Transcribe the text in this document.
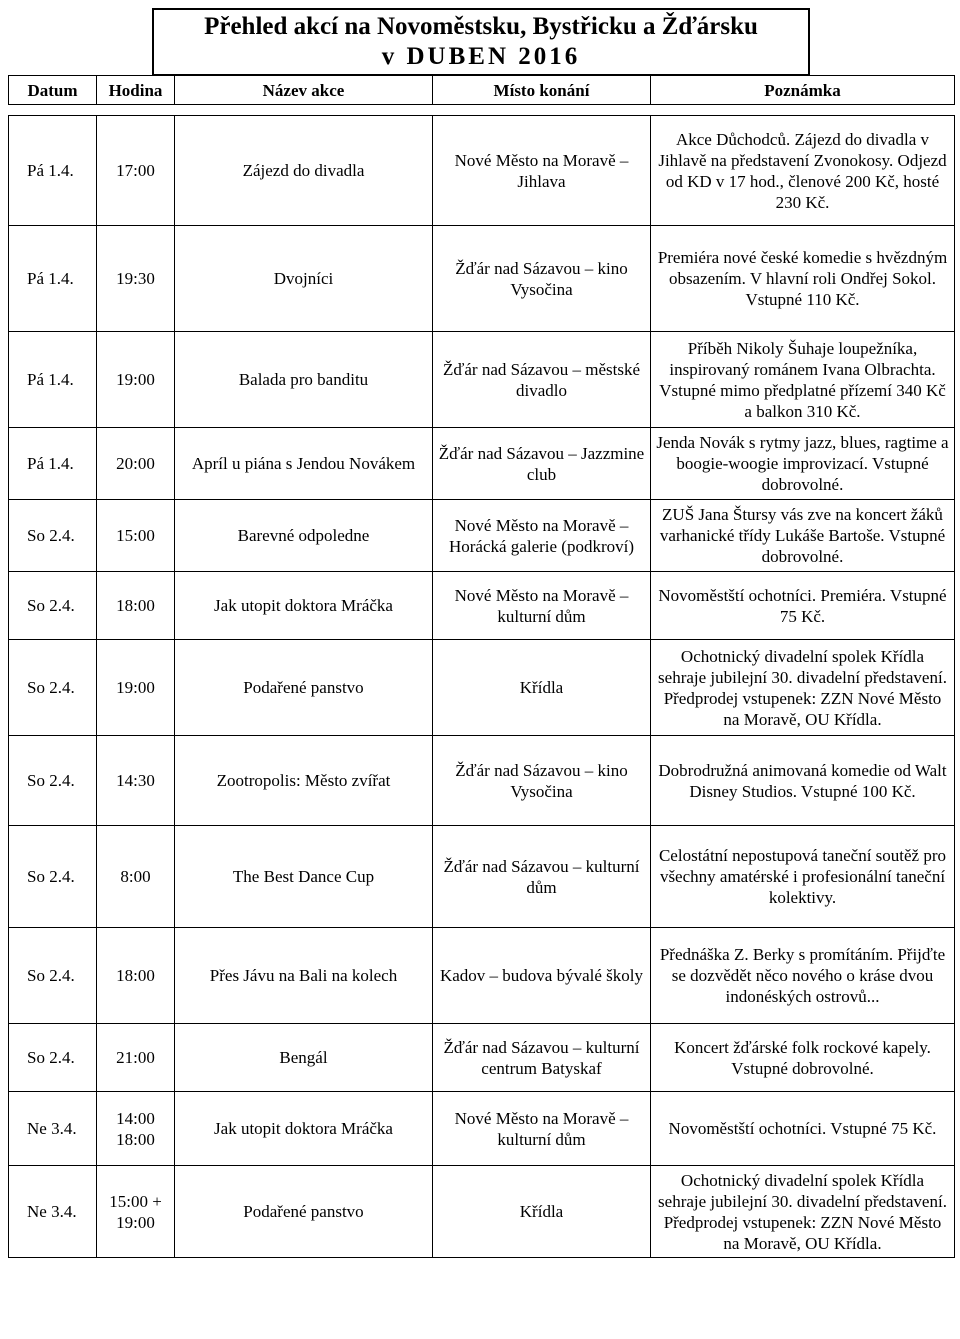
Přehled akcí na Novoměstsku, Bystřicku a Žďársku
v DUBEN 2016
Datum	Hodina	Název akce	Místo konání	Poznámka

Pá 1.4.	17:00	Zájezd do divadla	Nové Město na Moravě – Jihlava	Akce Důchodců. Zájezd do divadla v Jihlavě na představení Zvonokosy. Odjezd od KD v 17 hod., členové 200 Kč, hosté 230 Kč.
Pá 1.4.	19:30	Dvojníci	Žďár nad Sázavou – kino Vysočina	Premiéra nové české komedie s hvězdným obsazením. V hlavní roli Ondřej Sokol. Vstupné 110 Kč.
Pá 1.4.	19:00	Balada pro banditu	Žďár nad Sázavou – městské divadlo	Příběh Nikoly Šuhaje loupežníka, inspirovaný románem Ivana Olbrachta. Vstupné mimo předplatné přízemí 340 Kč a balkon 310 Kč.
Pá 1.4.	20:00	Apríl u piána s Jendou Novákem	Žďár nad Sázavou – Jazzmine club	Jenda Novák s rytmy jazz, blues, ragtime a boogie-woogie improvizací. Vstupné dobrovolné.
So 2.4.	15:00	Barevné odpoledne	Nové Město na Moravě – Horácká galerie (podkroví)	ZUŠ Jana Štursy vás zve na koncert žáků varhanické třídy Lukáše Bartoše. Vstupné dobrovolné.
So 2.4.	18:00	Jak utopit doktora Mráčka	Nové Město na Moravě – kulturní dům	Novoměstští ochotníci. Premiéra. Vstupné 75 Kč.
So 2.4.	19:00	Podařené panstvo	Křídla	Ochotnický divadelní spolek Křídla sehraje jubilejní 30. divadelní představení. Předprodej vstupenek: ZZN Nové Město na Moravě, OU Křídla.
So 2.4.	14:30	Zootropolis: Město zvířat	Žďár nad Sázavou – kino Vysočina	Dobrodružná animovaná komedie od Walt Disney Studios. Vstupné 100 Kč.
So 2.4.	8:00	The Best Dance Cup	Žďár nad Sázavou – kulturní dům	Celostátní nepostupová taneční soutěž pro všechny amatérské i profesionální taneční kolektivy.
So 2.4.	18:00	Přes Jávu na Bali na kolech	Kadov – budova bývalé školy	Přednáška Z. Berky s promítáním. Přijďte se dozvědět něco nového o krásе dvou indonéských ostrovů...
So 2.4.	21:00	Bengál	Žďár nad Sázavou – kulturní centrum Batyskaf	Koncert žďárské folk rockové kapely. Vstupné dobrovolné.
Ne 3.4.	14:00 18:00	Jak utopit doktora Mráčka	Nové Město na Moravě – kulturní dům	Novoměstští ochotníci. Vstupné 75 Kč.
Ne 3.4.	15:00 + 19:00	Podařené panstvo	Křídla	Ochotnický divadelní spolek Křídla sehraje jubilejní 30. divadelní představení. Předprodej vstupenek: ZZN Nové Město na Moravě, OU Křídla.
